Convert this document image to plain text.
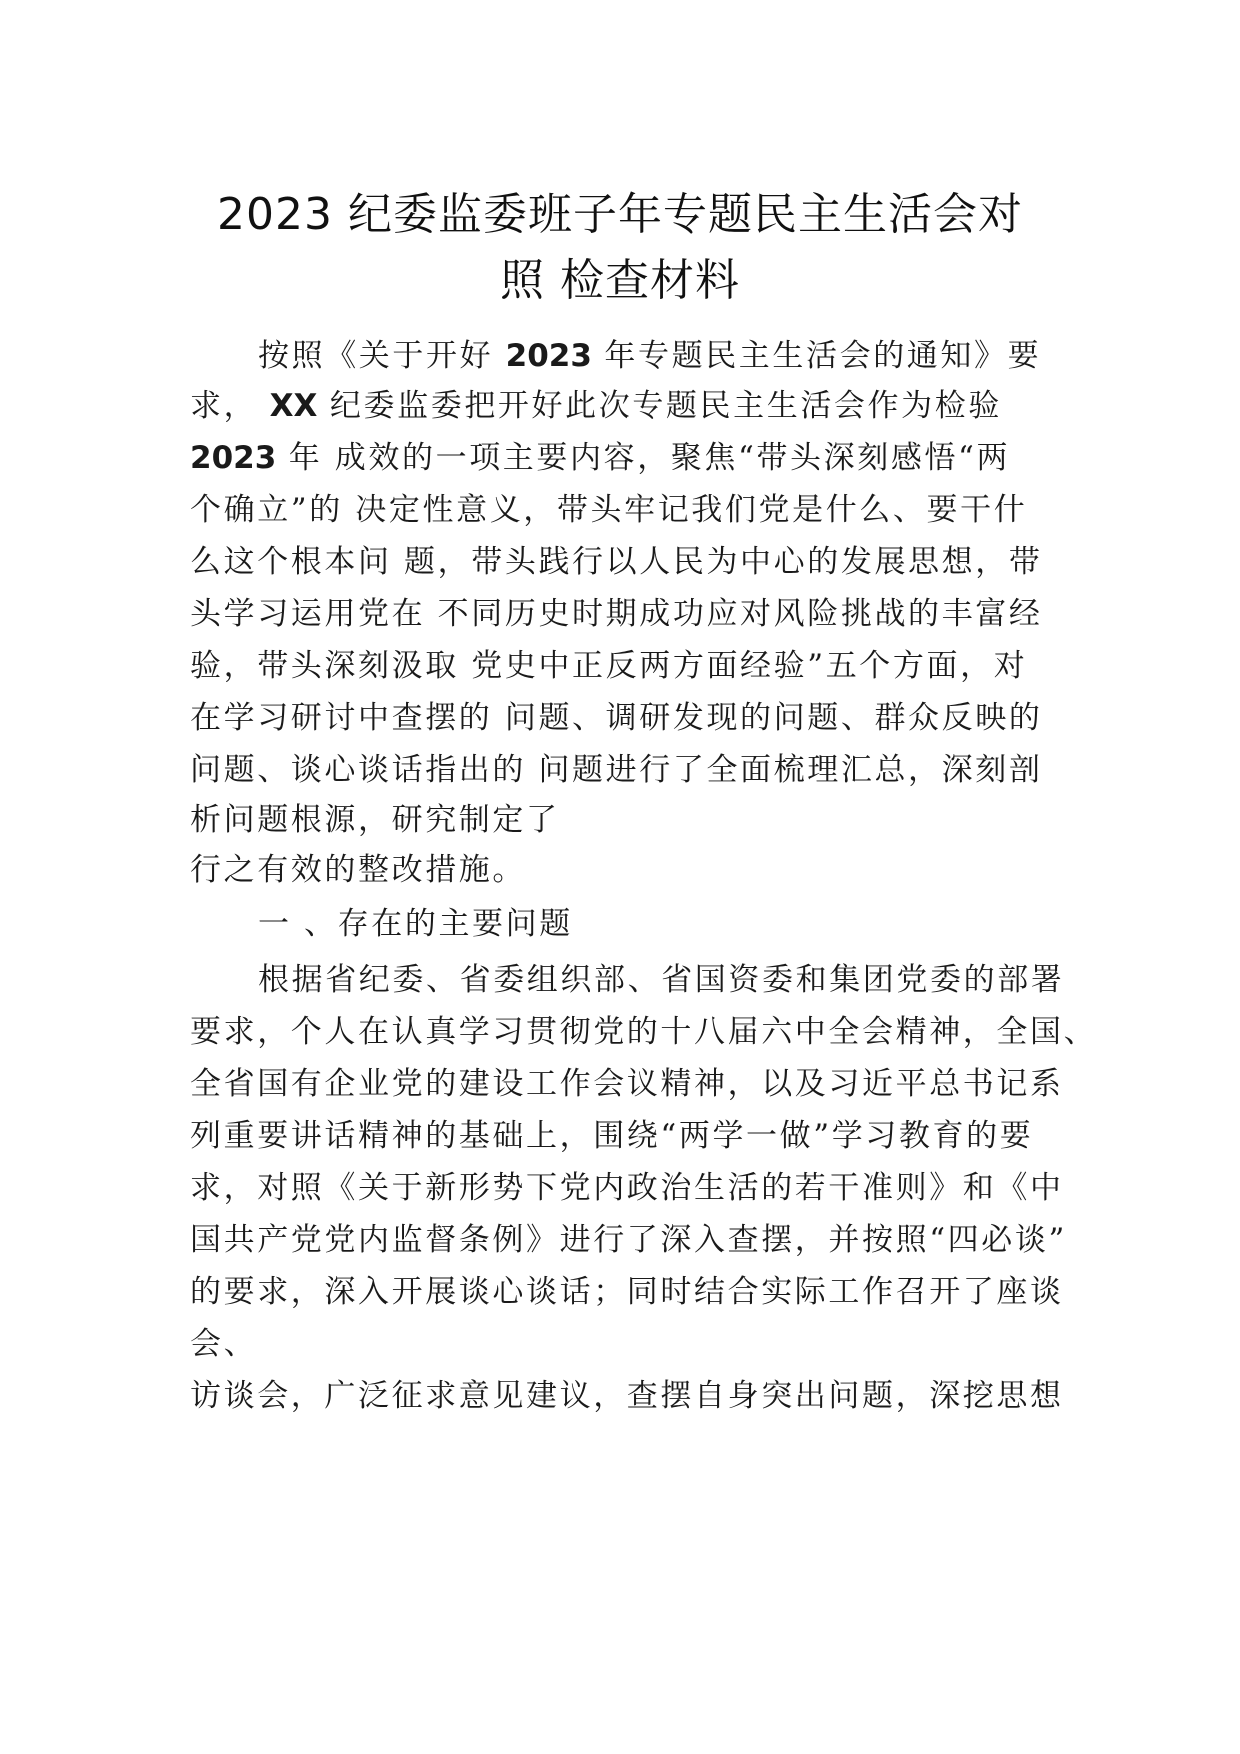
2023 纪委监委班子年专题民主生活会对
照 检查材料
按照《关于开好 2023 年专题民主生活会的通知》要
求， XX 纪委监委把开好此次专题民主生活会作为检验
2023 年 成效的一项主要内容，聚焦“带头深刻感悟“两
个确立”的 决定性意义，带头牢记我们党是什么、要干什
么这个根本问 题，带头践行以人民为中心的发展思想，带
头学习运用党在 不同历史时期成功应对风险挑战的丰富经
验，带头深刻汲取 党史中正反两方面经验”五个方面，对
在学习研讨中查摆的 问题、调研发现的问题、群众反映的
问题、谈心谈话指出的 问题进行了全面梳理汇总，深刻剖
析问题根源，研究制定了
行之有效的整改措施。
一 、存在的主要问题
根据省纪委、省委组织部、省国资委和集团党委的部署
要求，个人在认真学习贯彻党的十八届六中全会精神，全国、
全省国有企业党的建设工作会议精神，以及习近平总书记系
列重要讲话精神的基础上，围绕“两学一做”学习教育的要
求，对照《关于新形势下党内政治生活的若干准则》和《中
国共产党党内监督条例》进行了深入查摆，并按照“四必谈”
的要求，深入开展谈心谈话；同时结合实际工作召开了座谈
会、
访谈会，广泛征求意见建议，查摆自身突出问题，深挖思想
